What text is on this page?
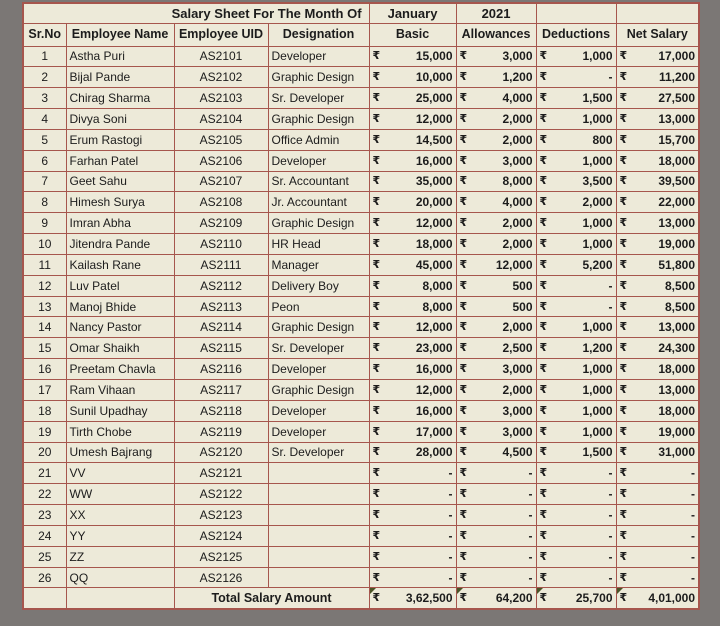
Salary Sheet For The Month Of				January	2021		
Sr.No	Employee Name	Employee UID	Designation	Basic	Allowances	Deductions	Net Salary
1	Astha Puri	AS2101	Developer	₹ 15,000	₹ 3,000	₹ 1,000	₹ 17,000
2	Bijal Pande	AS2102	Graphic Design	₹ 10,000	₹ 1,200	₹ -	₹ 11,200
3	Chirag Sharma	AS2103	Sr. Developer	₹ 25,000	₹ 4,000	₹ 1,500	₹ 27,500
4	Divya Soni	AS2104	Graphic Design	₹ 12,000	₹ 2,000	₹ 1,000	₹ 13,000
5	Erum Rastogi	AS2105	Office Admin	₹ 14,500	₹ 2,000	₹ 800	₹ 15,700
6	Farhan Patel	AS2106	Developer	₹ 16,000	₹ 3,000	₹ 1,000	₹ 18,000
7	Geet Sahu	AS2107	Sr. Accountant	₹ 35,000	₹ 8,000	₹ 3,500	₹ 39,500
8	Himesh Surya	AS2108	Jr. Accountant	₹ 20,000	₹ 4,000	₹ 2,000	₹ 22,000
9	Imran Abha	AS2109	Graphic Design	₹ 12,000	₹ 2,000	₹ 1,000	₹ 13,000
10	Jitendra Pande	AS2110	HR Head	₹ 18,000	₹ 2,000	₹ 1,000	₹ 19,000
11	Kailash Rane	AS2111	Manager	₹ 45,000	₹ 12,000	₹ 5,200	₹ 51,800
12	Luv Patel	AS2112	Delivery Boy	₹ 8,000	₹ 500	₹ -	₹ 8,500
13	Manoj Bhide	AS2113	Peon	₹ 8,000	₹ 500	₹ -	₹ 8,500
14	Nancy Pastor	AS2114	Graphic Design	₹ 12,000	₹ 2,000	₹ 1,000	₹ 13,000
15	Omar Shaikh	AS2115	Sr. Developer	₹ 23,000	₹ 2,500	₹ 1,200	₹ 24,300
16	Preetam Chavla	AS2116	Developer	₹ 16,000	₹ 3,000	₹ 1,000	₹ 18,000
17	Ram Vihaan	AS2117	Graphic Design	₹ 12,000	₹ 2,000	₹ 1,000	₹ 13,000
18	Sunil Upadhay	AS2118	Developer	₹ 16,000	₹ 3,000	₹ 1,000	₹ 18,000
19	Tirth Chobe	AS2119	Developer	₹ 17,000	₹ 3,000	₹ 1,000	₹ 19,000
20	Umesh Bajrang	AS2120	Sr. Developer	₹ 28,000	₹ 4,500	₹ 1,500	₹ 31,000
21	VV	AS2121		₹ -	₹ -	₹ -	₹ -
22	WW	AS2122		₹ -	₹ -	₹ -	₹ -
23	XX	AS2123		₹ -	₹ -	₹ -	₹ -
24	YY	AS2124		₹ -	₹ -	₹ -	₹ -
25	ZZ	AS2125		₹ -	₹ -	₹ -	₹ -
26	QQ	AS2126		₹ -	₹ -	₹ -	₹ -
		Total Salary Amount		₹ 3,62,500	₹ 64,200	₹ 25,700	₹ 4,01,000
